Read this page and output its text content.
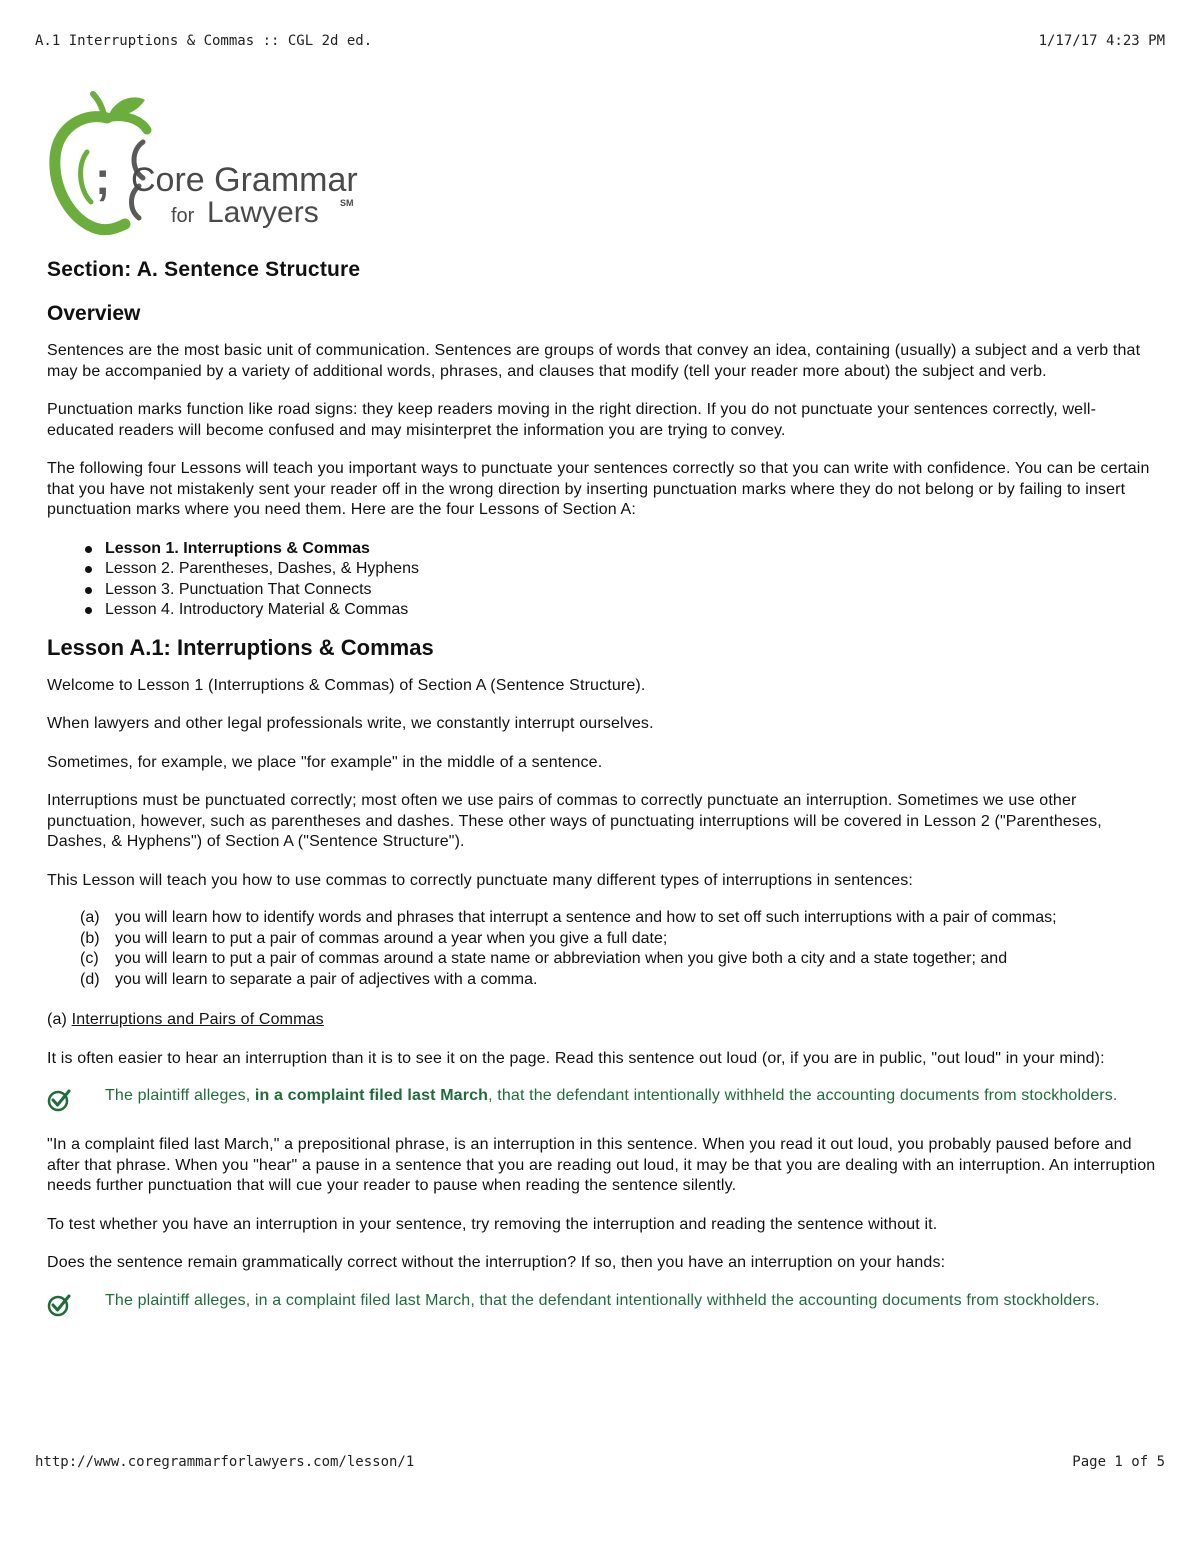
A.1 Interruptions & Commas :: CGL 2d ed.	1/17/17 4:23 PM
; Core Grammar
for Lawyers SM
Section: A. Sentence Structure
Overview

Sentences are the most basic unit of communication. Sentences are groups of words that convey an idea, containing (usually) a subject and a verb that may be accompanied by a variety of additional words, phrases, and clauses that modify (tell your reader more about) the subject and verb.

Punctuation marks function like road signs: they keep readers moving in the right direction. If you do not punctuate your sentences correctly, well-educated readers will become confused and may misinterpret the information you are trying to convey.

The following four Lessons will teach you important ways to punctuate your sentences correctly so that you can write with confidence. You can be certain that you have not mistakenly sent your reader off in the wrong direction by inserting punctuation marks where they do not belong or by failing to insert punctuation marks where you need them. Here are the four Lessons of Section A:

Lesson 1. Interruptions & Commas
Lesson 2. Parentheses, Dashes, & Hyphens
Lesson 3. Punctuation That Connects
Lesson 4. Introductory Material & Commas
Lesson A.1: Interruptions & Commas

Welcome to Lesson 1 (Interruptions & Commas) of Section A (Sentence Structure).

When lawyers and other legal professionals write, we constantly interrupt ourselves.

Sometimes, for example, we place "for example" in the middle of a sentence.

Interruptions must be punctuated correctly; most often we use pairs of commas to correctly punctuate an interruption. Sometimes we use other punctuation, however, such as parentheses and dashes. These other ways of punctuating interruptions will be covered in Lesson 2 ("Parentheses, Dashes, & Hyphens") of Section A ("Sentence Structure").

This Lesson will teach you how to use commas to correctly punctuate many different types of interruptions in sentences:

(a) you will learn how to identify words and phrases that interrupt a sentence and how to set off such interruptions with a pair of commas;
(b) you will learn to put a pair of commas around a year when you give a full date;
(c)	you will learn to put a pair of commas around a state name or abbreviation when you give both a city and a state together; and
(d) you will learn to separate a pair of adjectives with a comma.

(a) Interruptions and Pairs of Commas

It is often easier to hear an interruption than it is to see it on the page. Read this sentence out loud (or, if you are in public, "out loud" in your mind):

The plaintiff alleges, in a complaint filed last March, that the defendant intentionally withheld the accounting documents from stockholders.

"In a complaint filed last March," a prepositional phrase, is an interruption in this sentence. When you read it out loud, you probably paused before and after that phrase. When you "hear" a pause in a sentence that you are reading out loud, it may be that you are dealing with an interruption. An interruption needs further punctuation that will cue your reader to pause when reading the sentence silently.

To test whether you have an interruption in your sentence, try removing the interruption and reading the sentence without it.

Does the sentence remain grammatically correct without the interruption? If so, then you have an interruption on your hands:

The plaintiff alleges, in a complaint filed last March, that the defendant intentionally withheld the accounting documents from stockholders.

http://www.coregrammarforlawyers.com/lesson/1	Page 1 of 5
